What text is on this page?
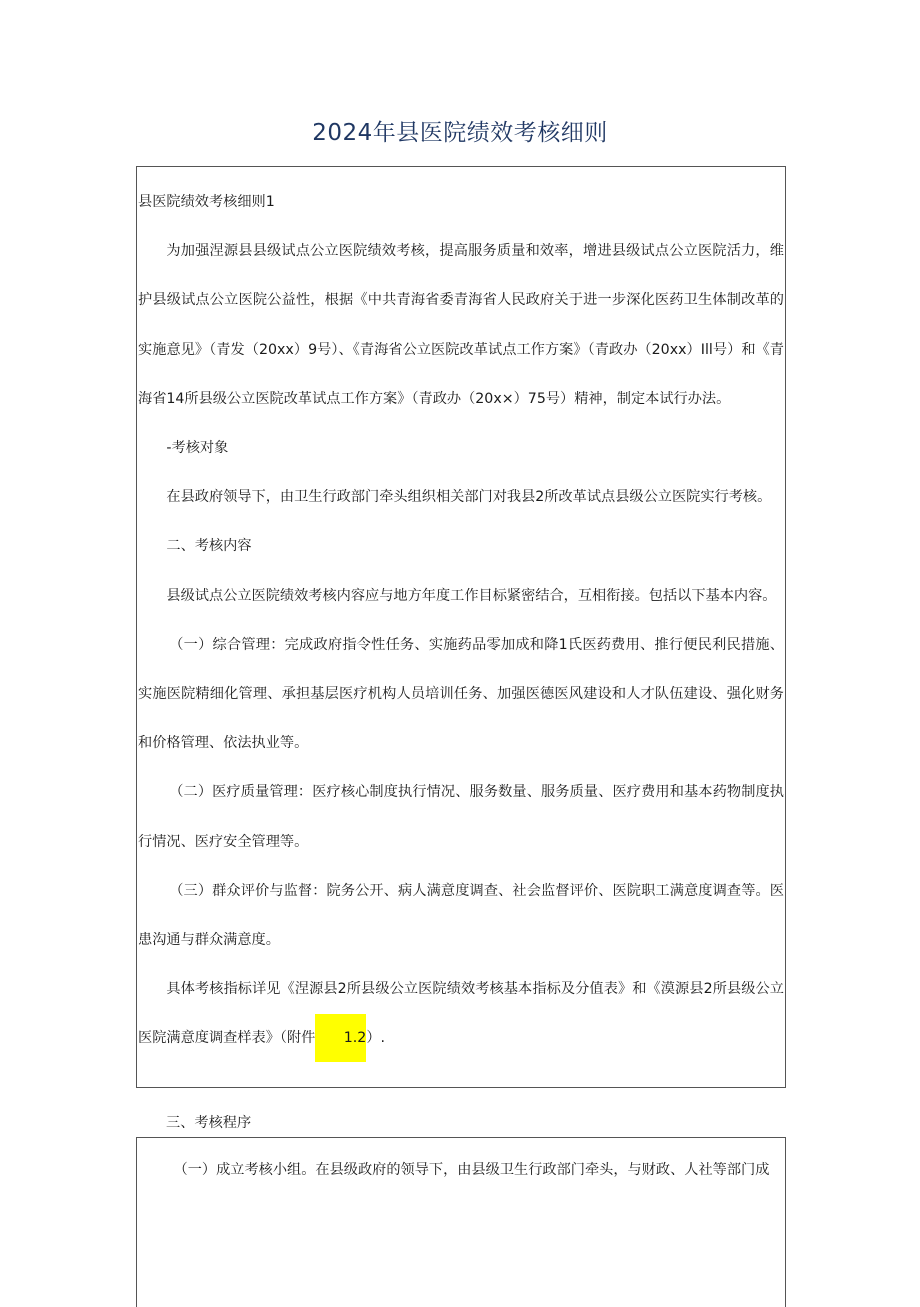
2024年县医院绩效考核细则

县医院绩效考核细则1

为加强涅源县县级试点公立医院绩效考核，提高服务质量和效率，增进县级试点公立医院活力，维护县级试点公立医院公益性，根据《中共青海省委青海省人民政府关于进一步深化医药卫生体制改革的实施意见》（青发（20xx）9号）、《青海省公立医院改革试点工作方案》（青政办（20xx）Ill号）和《青海省14所县级公立医院改革试点工作方案》（青政办（20x×）75号）精神，制定本试行办法。

-考核对象

在县政府领导下，由卫生行政部门牵头组织相关部门对我县2所改革试点县级公立医院实行考核。

二、考核内容

县级试点公立医院绩效考核内容应与地方年度工作目标紧密结合，互相衔接。包括以下基本内容。

（一）综合管理：完成政府指令性任务、实施药品零加成和降1氏医药费用、推行便民利民措施、实施医院精细化管理、承担基层医疗机构人员培训任务、加强医德医风建设和人才队伍建设、强化财务和价格管理、依法执业等。

（二）医疗质量管理：医疗核心制度执行情况、服务数量、服务质量、医疗费用和基本药物制度执行情况、医疗安全管理等。

（三）群众评价与监督：院务公开、病人满意度调查、社会监督评价、医院职工满意度调查等。医患沟通与群众满意度。

具体考核指标详见《涅源县2所县级公立医院绩效考核基本指标及分值表》和《漠源县2所县级公立医院满意度调查样表》（附件 1.2）.

三、考核程序

（一）成立考核小组。在县级政府的领导下，由县级卫生行政部门牵头，与财政、人社等部门成
